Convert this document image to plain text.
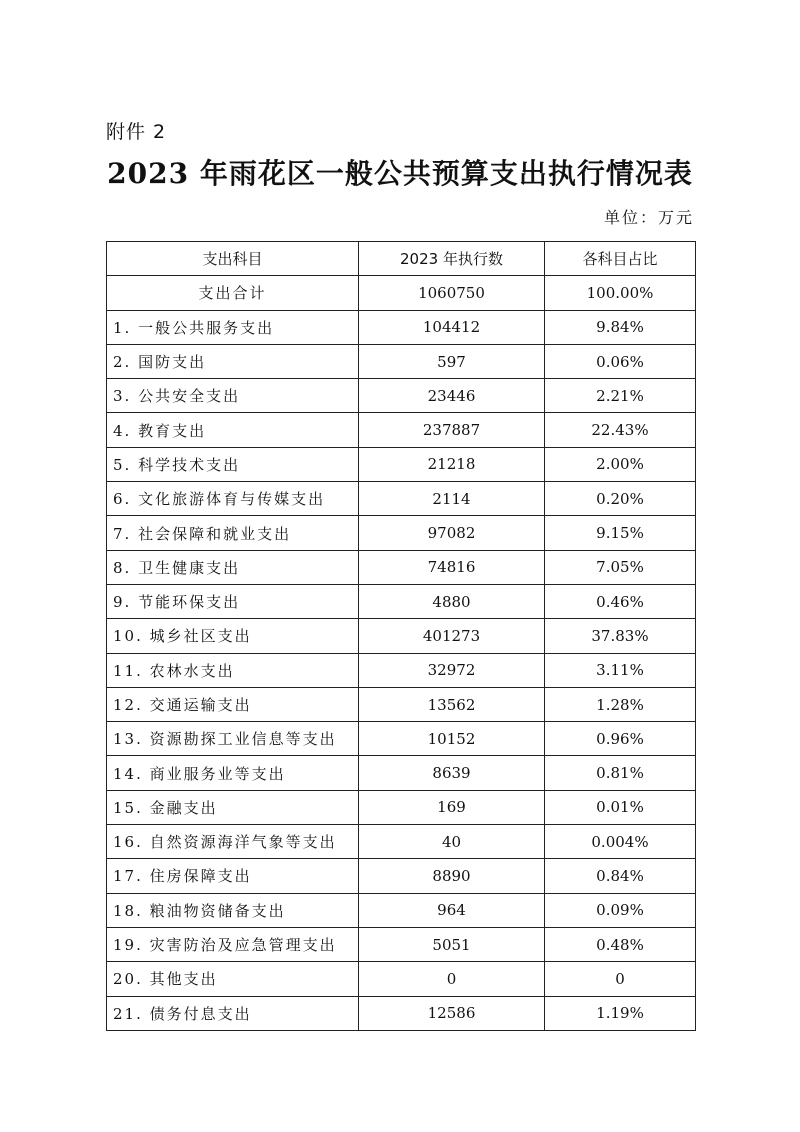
附件 2
2023 年雨花区一般公共预算支出执行情况表
单位：万元
支出科目	2023 年执行数	各科目占比
支出合计	1060750	100.00%
1. 一般公共服务支出	104412	9.84%
2. 国防支出	597	0.06%
3. 公共安全支出	23446	2.21%
4. 教育支出	237887	22.43%
5. 科学技术支出	21218	2.00%
6. 文化旅游体育与传媒支出	2114	0.20%
7. 社会保障和就业支出	97082	9.15%
8. 卫生健康支出	74816	7.05%
9. 节能环保支出	4880	0.46%
10. 城乡社区支出	401273	37.83%
11. 农林水支出	32972	3.11%
12. 交通运输支出	13562	1.28%
13. 资源勘探工业信息等支出	10152	0.96%
14. 商业服务业等支出	8639	0.81%
15. 金融支出	169	0.01%
16. 自然资源海洋气象等支出	40	0.004%
17. 住房保障支出	8890	0.84%
18. 粮油物资储备支出	964	0.09%
19. 灾害防治及应急管理支出	5051	0.48%
20. 其他支出	0	0
21. 债务付息支出	12586	1.19%
